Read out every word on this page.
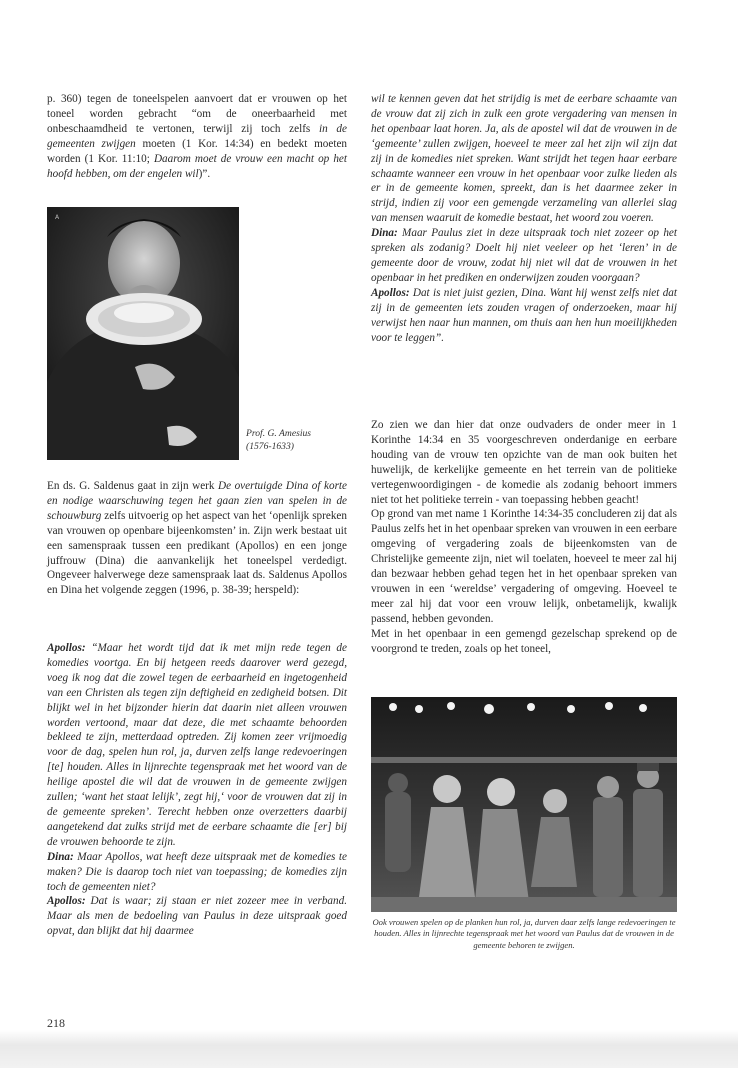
p. 360) tegen de toneelspelen aanvoert dat er vrouwen op het toneel worden gebracht “om de oneerbaarheid met onbeschaamdheid te vertonen, terwijl zij toch zelfs in de gemeenten zwijgen moeten (1 Kor. 14:34) en bedekt moeten worden (1 Kor. 11:10; Daarom moet de vrouw een macht op het hoofd hebben, om der engelen wil)”.

A
Prof. G. Amesius
(1576-1633)

En ds. G. Saldenus gaat in zijn werk De overtuigde Dina of korte en nodige waarschuwing tegen het gaan zien van spelen in de schouwburg zelfs uitvoerig op het aspect van het ‘openlijk spreken van vrouwen op openbare bijeenkomsten’ in. Zijn werk bestaat uit een samenspraak tussen een predikant (Apollos) en een jonge juffrouw (Dina) die aanvankelijk het toneelspel verdedigt. Ongeveer halverwege deze samenspraak laat ds. Saldenus Apollos en Dina het volgende zeggen (1996, p. 38-39; herspeld):

Apollos: “Maar het wordt tijd dat ik met mijn rede tegen de komedies voortga. En bij hetgeen reeds daarover werd gezegd, voeg ik nog dat die zowel tegen de eerbaarheid en ingetogenheid van een Christen als tegen zijn deftigheid en zedigheid botsen. Dit blijkt wel in het bijzonder hierin dat daarin niet alleen vrouwen worden vertoond, maar dat deze, die met schaamte behoorden bekleed te zijn, metterdaad optreden. Zij komen zeer vrijmoedig voor de dag, spelen hun rol, ja, durven zelfs lange redevoeringen [te] houden. Alles in lijnrechte tegenspraak met het woord van de heilige apostel die wil dat de vrouwen in de gemeente zwijgen zullen; ‘want het staat lelijk’, zegt hij,‘ voor de vrouwen dat zij in de gemeente spreken’. Terecht hebben onze overzetters daarbij aangetekend dat zulks strijd met de eerbare schaamte die [er] bij de vrouwen behoorde te zijn.

Dina: Maar Apollos, wat heeft deze uitspraak met de komedies te maken? Die is daarop toch niet van toepassing; de komedies zijn toch de gemeenten niet?

Apollos: Dat is waar; zij staan er niet zozeer mee in verband. Maar als men de bedoeling van Paulus in deze uitspraak goed opvat, dan blijkt dat hij daarmee

wil te kennen geven dat het strijdig is met de eerbare schaamte van de vrouw dat zij zich in zulk een grote vergadering van mensen in het openbaar laat horen. Ja, als de apostel wil dat de vrouwen in de ‘gemeente’ zullen zwijgen, hoeveel te meer zal het zijn wil zijn dat zij in de komedies niet spreken. Want strijdt het tegen haar eerbare schaamte wanneer een vrouw in het openbaar voor zulke lieden als er in de gemeente komen, spreekt, dan is het daarmee zeker in strijd, indien zij voor een gemengde verzameling van allerlei slag van mensen waaruit de komedie bestaat, het woord zou voeren.

Dina: Maar Paulus ziet in deze uitspraak toch niet zozeer op het spreken als zodanig? Doelt hij niet veeleer op het ‘leren’ in de gemeente door de vrouw, zodat hij niet wil dat de vrouwen in het openbaar in het prediken en onderwijzen zouden voorgaan?

Apollos: Dat is niet juist gezien, Dina. Want hij wenst zelfs niet dat zij in de gemeenten iets zouden vragen of onderzoeken, maar hij verwijst hen naar hun mannen, om thuis aan hen hun moeilijkheden voor te leggen”.

Zo zien we dan hier dat onze oudvaders de onder meer in 1 Korinthe 14:34 en 35 voorgeschreven onderdanige en eerbare houding van de vrouw ten opzichte van de man ook buiten het huwelijk, de kerkelijke gemeente en het terrein van de politieke vertegenwoordigingen - de komedie als zodanig behoort immers niet tot het politieke terrein - van toepassing hebben geacht!

Op grond van met name 1 Korinthe 14:34-35 concluderen zij dat als Paulus zelfs het in het openbaar spreken van vrouwen in een eerbare omgeving of vergadering zoals de bijeenkomsten van de Christelijke gemeente zijn, niet wil toelaten, hoeveel te meer zal hij dan bezwaar hebben gehad tegen het in het openbaar spreken van vrouwen in een ‘wereldse’ vergadering of omgeving. Hoeveel te meer zal hij dat voor een vrouw lelijk, onbetamelijk, kwalijk passend, hebben gevonden.

Met in het openbaar in een gemengd gezelschap sprekend op de voorgrond te treden, zoals op het toneel,

Ook vrouwen spelen op de planken hun rol, ja, durven daar zelfs lange redevoeringen te houden. Alles in lijnrechte tegenspraak met het woord van Paulus dat de vrouwen in de gemeente behoren te zwijgen.
218
